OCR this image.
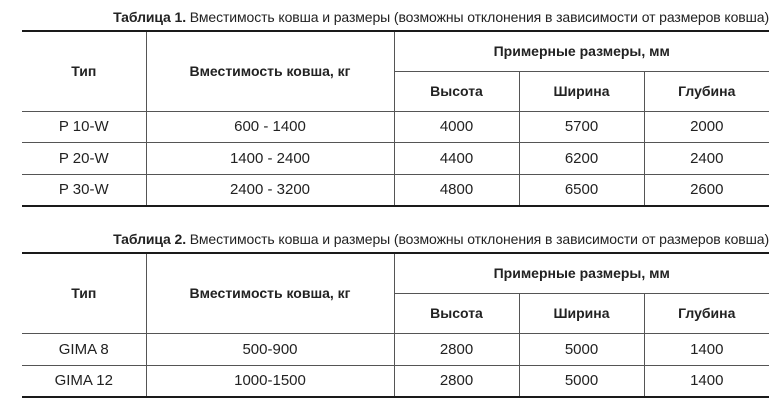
Таблица 1. Вместимость ковша и размеры (возможны отклонения в зависимости от размеров ковша)
Тип	Вместимость ковша, кг	Примерные размеры, мм		
		Высота	Ширина	Глубина
P 10-W	600 - 1400	4000	5700	2000
P 20-W	1400 - 2400	4400	6200	2400
P 30-W	2400 - 3200	4800	6500	2600
Таблица 2. Вместимость ковша и размеры (возможны отклонения в зависимости от размеров ковша)
Тип	Вместимость ковша, кг	Примерные размеры, мм		
		Высота	Ширина	Глубина
GIMA 8	500-900	2800	5000	1400
GIMA 12	1000-1500	2800	5000	1400
